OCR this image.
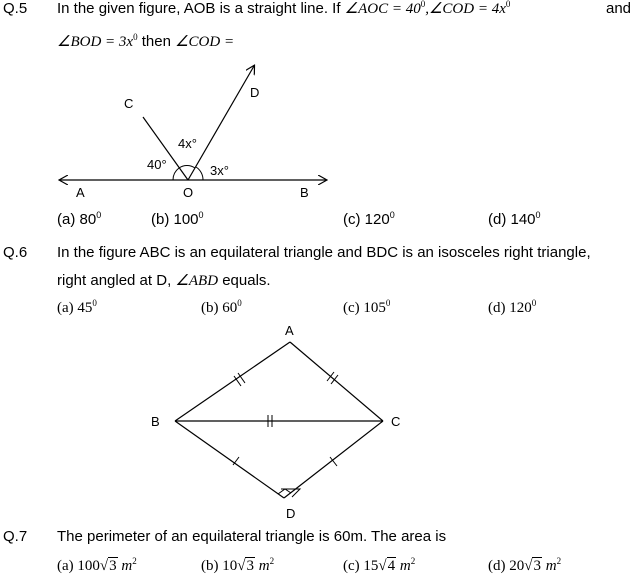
Q.5 In the given figure, AOB is a straight line. If ∠AOC = $40^0,\angle COD = 4x^0$	and
∠BOD = $3x^0$ then ∠COD =
C
D
A	O	B
40°
4x°
3x°
(a) $80^0$	(b) $100^0$	(c) $120^0$	(d) $140^0$
Q.6 In the figure ABC is an equilateral triangle and BDC is an isosceles right triangle,
right angled at D, ∠ABD equals.
(a) $45^0$	(b) $60^0$	(c) $105^0$	(d) $120^0$
A
B	C
D
Q.7 The perimeter of an equilateral triangle is 60m. The area is
(a) 100√3 $m^2$	(b) 10√3 $m^2$	(c) 15√4 $m^2$	(d) 20√3 $m^2$
